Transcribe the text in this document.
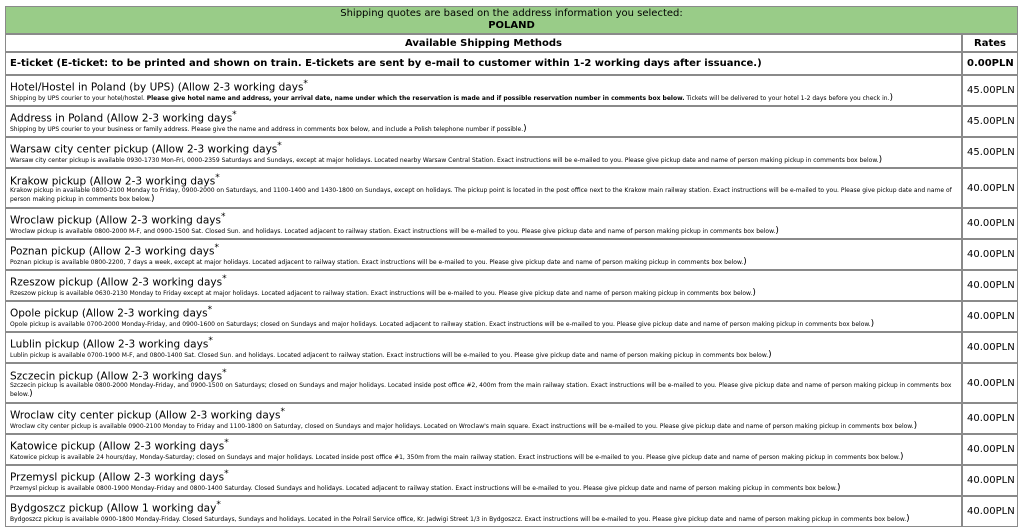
Shipping quotes are based on the address information you selected:
POLAND
Available Shipping Methods	Rates
E-ticket (E-ticket: to be printed and shown on train. E-tickets are sent by e-mail to customer within 1-2 working days after issuance.)	0.00PLN

Hotel/Hostel in Poland (by UPS) (Allow 2-3 working days*
Shipping by UPS courier to your hotel/hostel. Please give hotel name and address, your arrival date, name under which the reservation is made and if possible reservation number in comments box below. Tickets will be delivered to your hotel 1-2 days before you check in.)	45.00PLN

Address in Poland (Allow 2-3 working days*
Shipping by UPS courier to your business or family address. Please give the name and address in comments box below, and include a Polish telephone number if possible.)	45.00PLN

Warsaw city center pickup (Allow 2-3 working days*
Warsaw city center pickup is available 0930-1730 Mon-Fri, 0000-2359 Saturdays and Sundays, except at major holidays. Located nearby Warsaw Central Station. Exact instructions will be e-mailed to you. Please give pickup date and name of person making pickup in comments box below.)	45.00PLN

Krakow pickup (Allow 2-3 working days*
Krakow pickup in available 0800-2100 Monday to Friday, 0900-2000 on Saturdays, and 1100-1400 and 1430-1800 on Sundays, except on holidays. The pickup point is located in the post office next to the Krakow main railway station. Exact instructions will be e-mailed to you. Please give pickup date and name of person making pickup in comments box below.)	40.00PLN

Wroclaw pickup (Allow 2-3 working days*
Wroclaw pickup is available 0800-2000 M-F, and 0900-1500 Sat. Closed Sun. and holidays. Located adjacent to railway station. Exact instructions will be e-mailed to you. Please give pickup date and name of person making pickup in comments box below.)	40.00PLN

Poznan pickup (Allow 2-3 working days*
Poznan pickup is available 0800-2200, 7 days a week, except at major holidays. Located adjacent to railway station. Exact instructions will be e-mailed to you. Please give pickup date and name of person making pickup in comments box below.)	40.00PLN

Rzeszow pickup (Allow 2-3 working days*
Rzeszow pickup is available 0630-2130 Monday to Friday except at major holidays. Located adjacent to railway station. Exact instructions will be e-mailed to you. Please give pickup date and name of person making pickup in comments box below.)	40.00PLN

Opole pickup (Allow 2-3 working days*
Opole pickup is available 0700-2000 Monday-Friday, and 0900-1600 on Saturdays; closed on Sundays and major holidays. Located adjacent to railway station. Exact instructions will be e-mailed to you. Please give pickup date and name of person making pickup in comments box below.)	40.00PLN

Lublin pickup (Allow 2-3 working days*
Lublin pickup is available 0700-1900 M-F, and 0800-1400 Sat. Closed Sun. and holidays. Located adjacent to railway station. Exact instructions will be e-mailed to you. Please give pickup date and name of person making pickup in comments box below.)	40.00PLN

Szczecin pickup (Allow 2-3 working days*
Szczecin pickup is available 0800-2000 Monday-Friday, and 0900-1500 on Saturdays; closed on Sundays and major holidays. Located inside post office #2, 400m from the main railway station. Exact instructions will be e-mailed to you. Please give pickup date and name of person making pickup in comments box below.)	40.00PLN

Wroclaw city center pickup (Allow 2-3 working days*
Wroclaw city center pickup is available 0900-2100 Monday to Friday and 1100-1800 on Saturday, closed on Sundays and major holidays. Located on Wroclaw's main square. Exact instructions will be e-mailed to you. Please give pickup date and name of person making pickup in comments box below.)	40.00PLN

Katowice pickup (Allow 2-3 working days*
Katowice pickup is available 24 hours/day, Monday-Saturday; closed on Sundays and major holidays. Located inside post office #1, 350m from the main railway station. Exact instructions will be e-mailed to you. Please give pickup date and name of person making pickup in comments box below.)	40.00PLN

Przemysl pickup (Allow 2-3 working days*
Przemysl pickup is available 0800-1900 Monday-Friday and 0800-1400 Saturday. Closed Sundays and holidays. Located adjacent to railway station. Exact instructions will be e-mailed to you. Please give pickup date and name of person making pickup in comments box below.)	40.00PLN

Bydgoszcz pickup (Allow 1 working day*
Bydgoszcz pickup is available 0900-1800 Monday-Friday. Closed Saturdays, Sundays and holidays. Located in the Polrail Service office, Kr. Jadwigi Street 1/3 in Bydgoszcz. Exact instructions will be e-mailed to you. Please give pickup date and name of person making pickup in comments box below.)	40.00PLN
